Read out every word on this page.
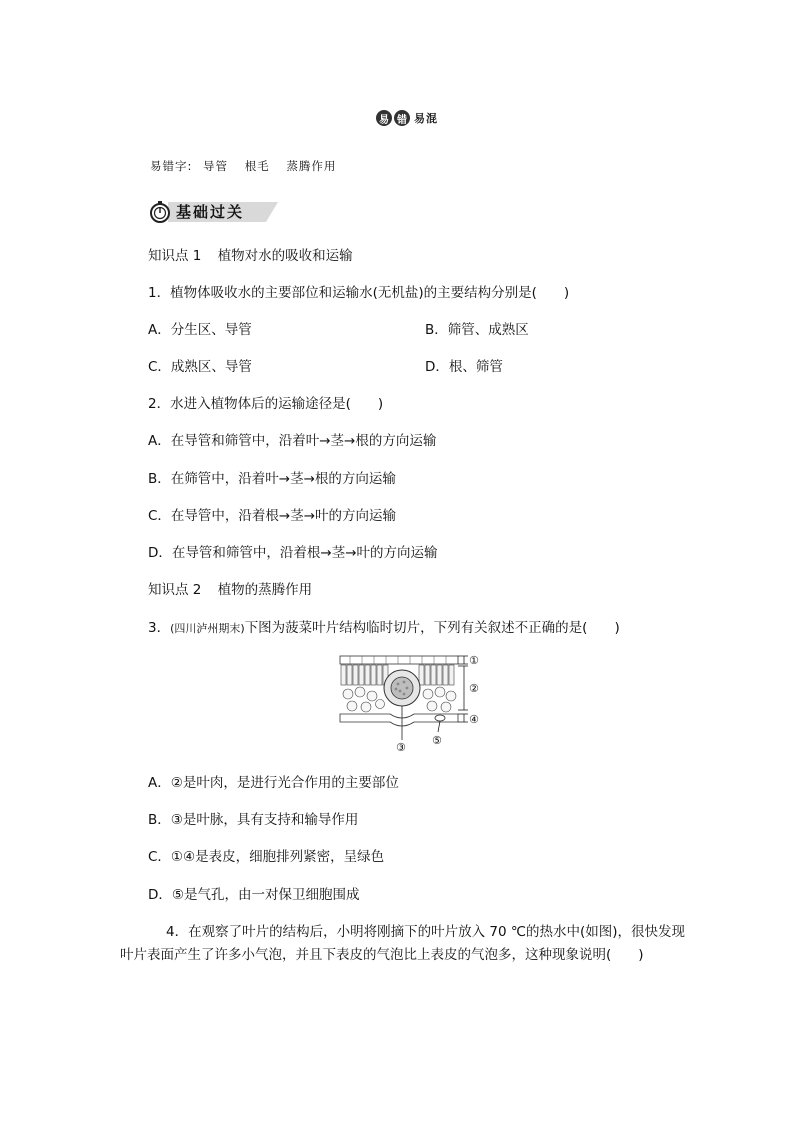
易 错 易混
易错字: 导管 根毛 蒸腾作用
基础过关
知识点 1 植物对水的吸收和运输
1．植物体吸收水的主要部位和运输水(无机盐)的主要结构分别是(　　)
A．分生区、导管	B．筛管、成熟区
C．成熟区、导管	D．根、筛管
2．水进入植物体后的运输途径是(　　)
A．在导管和筛管中，沿着叶→茎→根的方向运输
B．在筛管中，沿着叶→茎→根的方向运输
C．在导管中，沿着根→茎→叶的方向运输
D．在导管和筛管中，沿着根→茎→叶的方向运输
知识点 2 植物的蒸腾作用
3．(四川泸州期末)下图为菠菜叶片结构临时切片，下列有关叙述不正确的是(　　)
①
②
③
④
⑤
A．②是叶肉，是进行光合作用的主要部位
B．③是叶脉，具有支持和输导作用
C．①④是表皮，细胞排列紧密，呈绿色
D．⑤是气孔，由一对保卫细胞围成
4．在观察了叶片的结构后，小明将刚摘下的叶片放入 70 ℃的热水中(如图)，很快发现
叶片表面产生了许多小气泡，并且下表皮的气泡比上表皮的气泡多，这种现象说明(　　)
